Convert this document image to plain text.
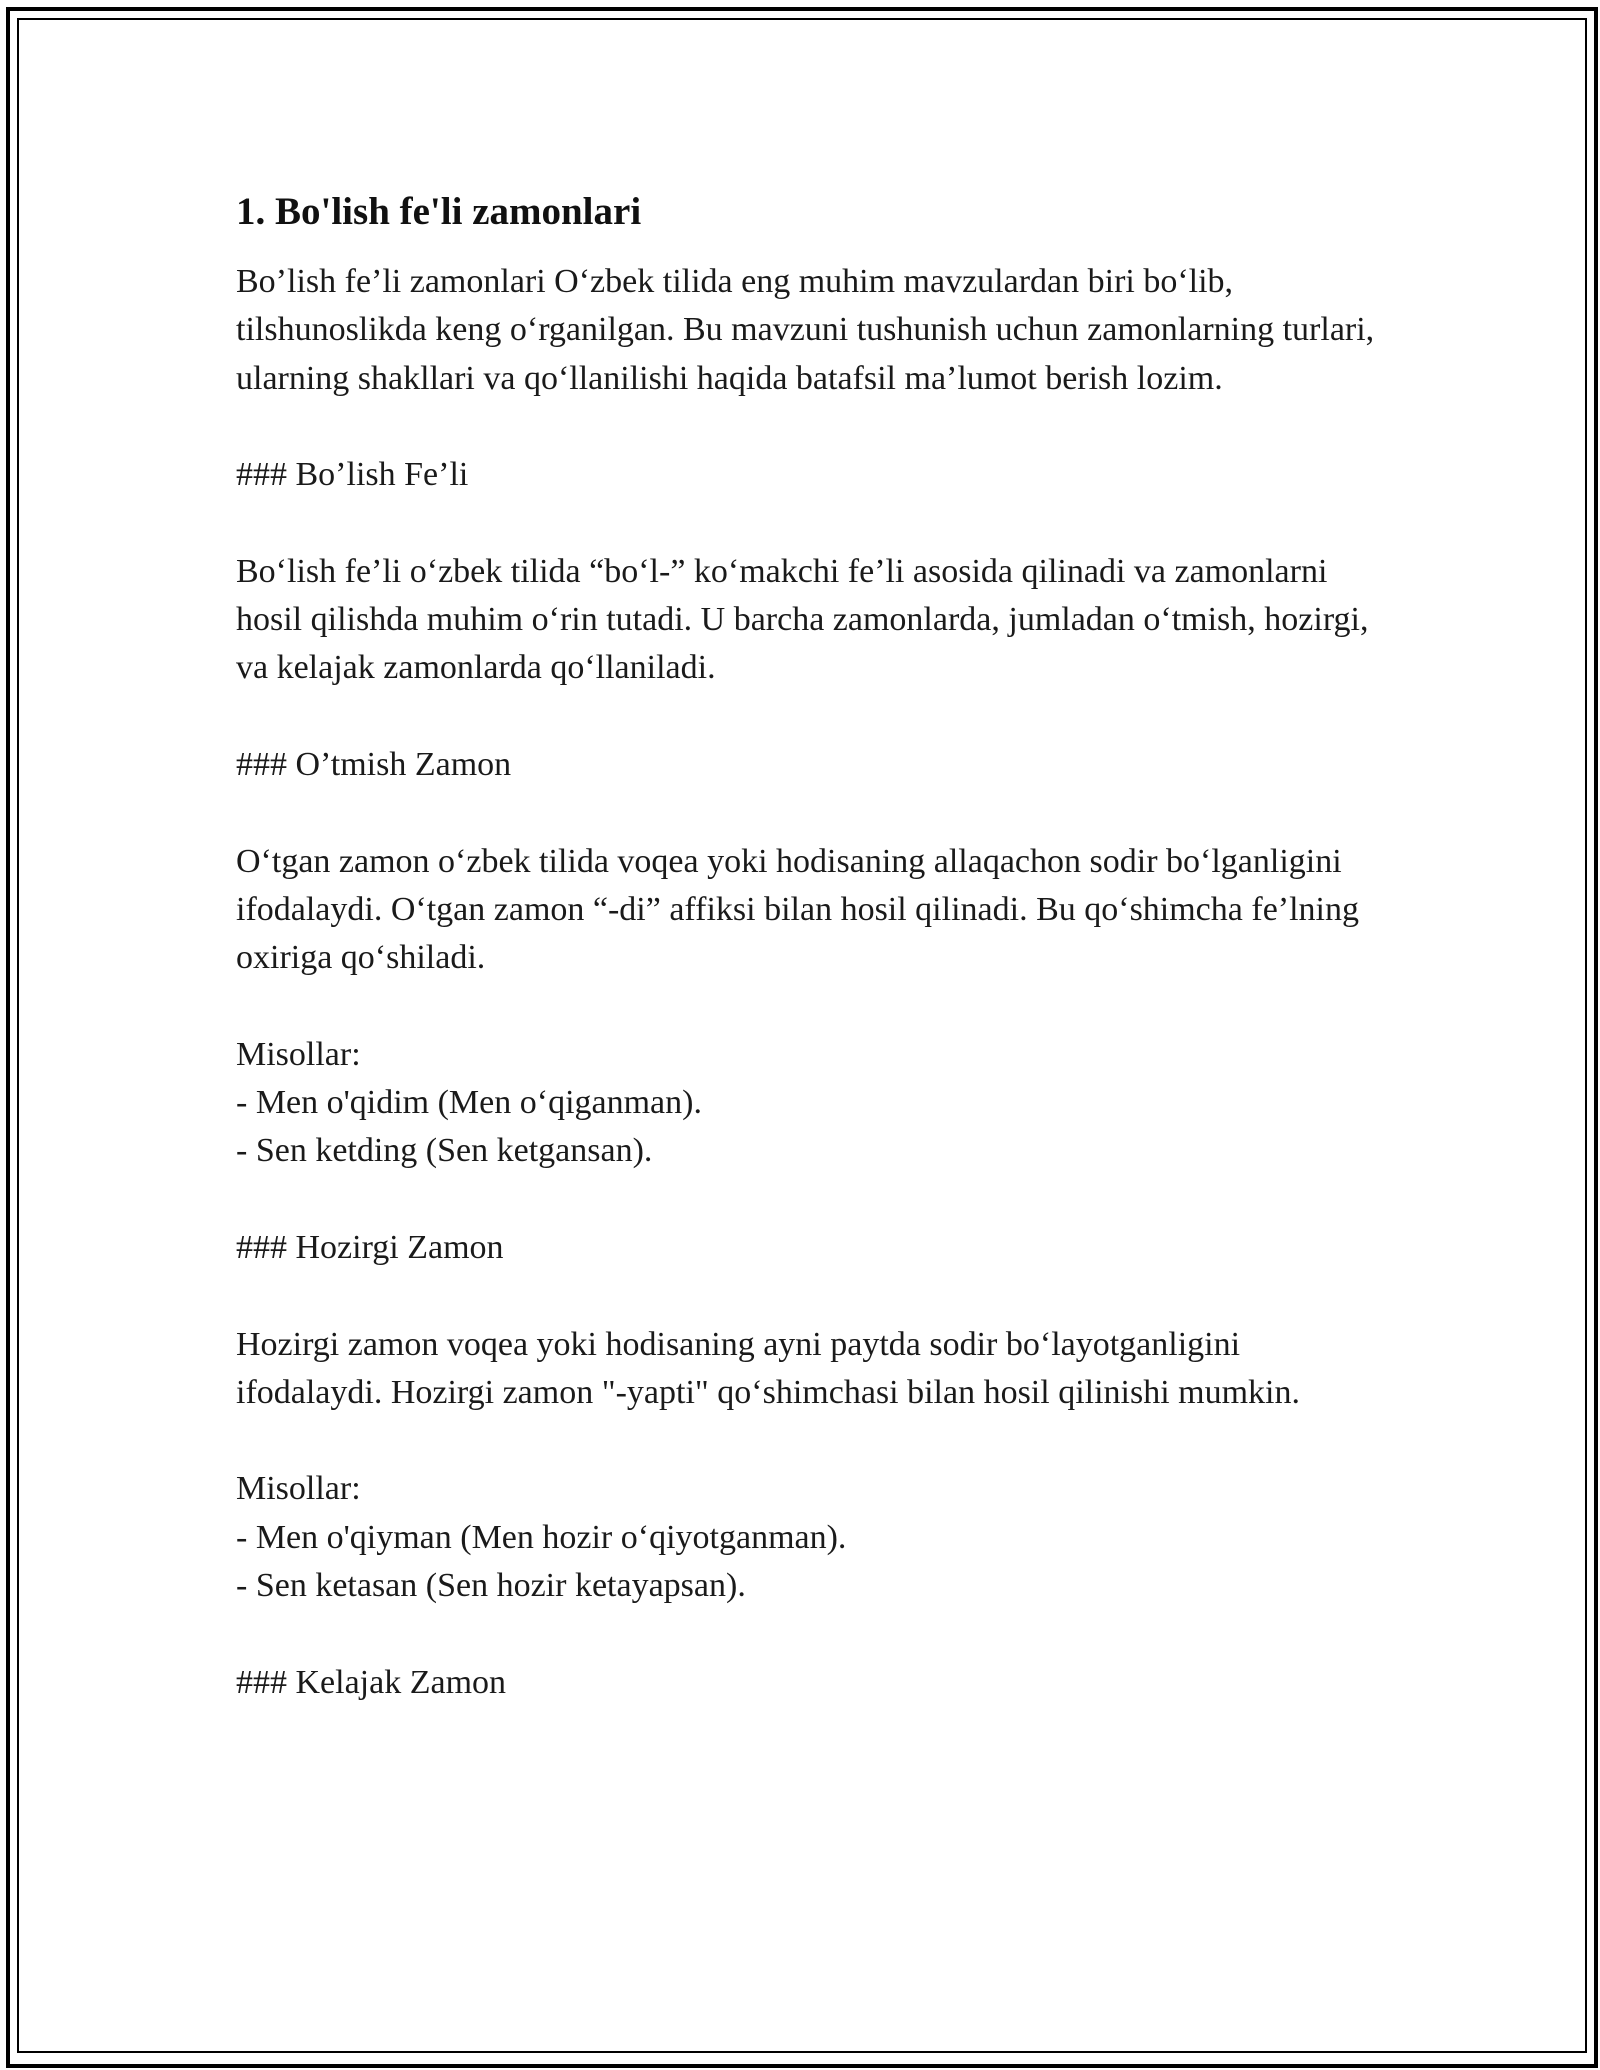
1. Bo'lish fe'li zamonlari

Bo’lish fe’li zamonlari O‘zbek tilida eng muhim mavzulardan biri bo‘lib, tilshunoslikda keng o‘rganilgan. Bu mavzuni tushunish uchun zamonlarning turlari, ularning shakllari va qo‘llanilishi haqida batafsil ma’lumot berish lozim.

### Bo’lish Fe’li

Bo‘lish fe’li o‘zbek tilida “bo‘l-” ko‘makchi fe’li asosida qilinadi va zamonlarni hosil qilishda muhim o‘rin tutadi. U barcha zamonlarda, jumladan o‘tmish, hozirgi, va kelajak zamonlarda qo‘llaniladi.

### O’tmish Zamon

O‘tgan zamon o‘zbek tilida voqea yoki hodisaning allaqachon sodir bo‘lganligini ifodalaydi. O‘tgan zamon “-di” affiksi bilan hosil qilinadi. Bu qo‘shimcha fe’lning oxiriga qo‘shiladi.

Misollar:
- Men o'qidim (Men o‘qiganman).
- Sen ketding (Sen ketgansan).

### Hozirgi Zamon

Hozirgi zamon voqea yoki hodisaning ayni paytda sodir bo‘layotganligini ifodalaydi. Hozirgi zamon "-yapti" qo‘shimchasi bilan hosil qilinishi mumkin.

Misollar:
- Men o'qiyman (Men hozir o‘qiyotganman).
- Sen ketasan (Sen hozir ketayapsan).

### Kelajak Zamon
